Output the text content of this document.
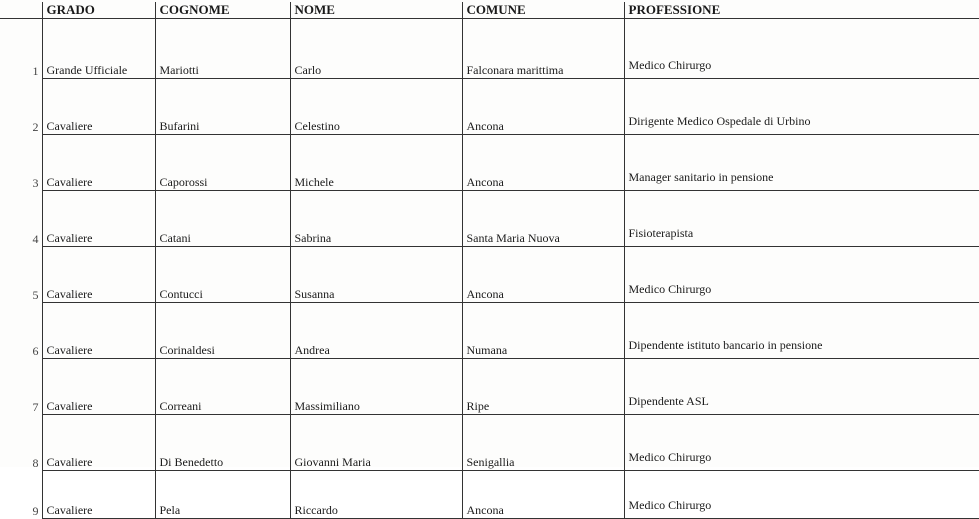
	GRADO	COGNOME	NOME	COMUNE	PROFESSIONE
1	Grande Ufficiale	Mariotti	Carlo	Falconara marittima	Medico Chirurgo
2	Cavaliere	Bufarini	Celestino	Ancona	Dirigente Medico Ospedale di Urbino
3	Cavaliere	Caporossi	Michele	Ancona	Manager sanitario in pensione
4	Cavaliere	Catani	Sabrina	Santa Maria Nuova	Fisioterapista
5	Cavaliere	Contucci	Susanna	Ancona	Medico Chirurgo
6	Cavaliere	Corinaldesi	Andrea	Numana	Dipendente istituto bancario in pensione
7	Cavaliere	Correani	Massimiliano	Ripe	Dipendente ASL
8	Cavaliere	Di Benedetto	Giovanni Maria	Senigallia	Medico Chirurgo
9	Cavaliere	Pela	Riccardo	Ancona	Medico Chirurgo
